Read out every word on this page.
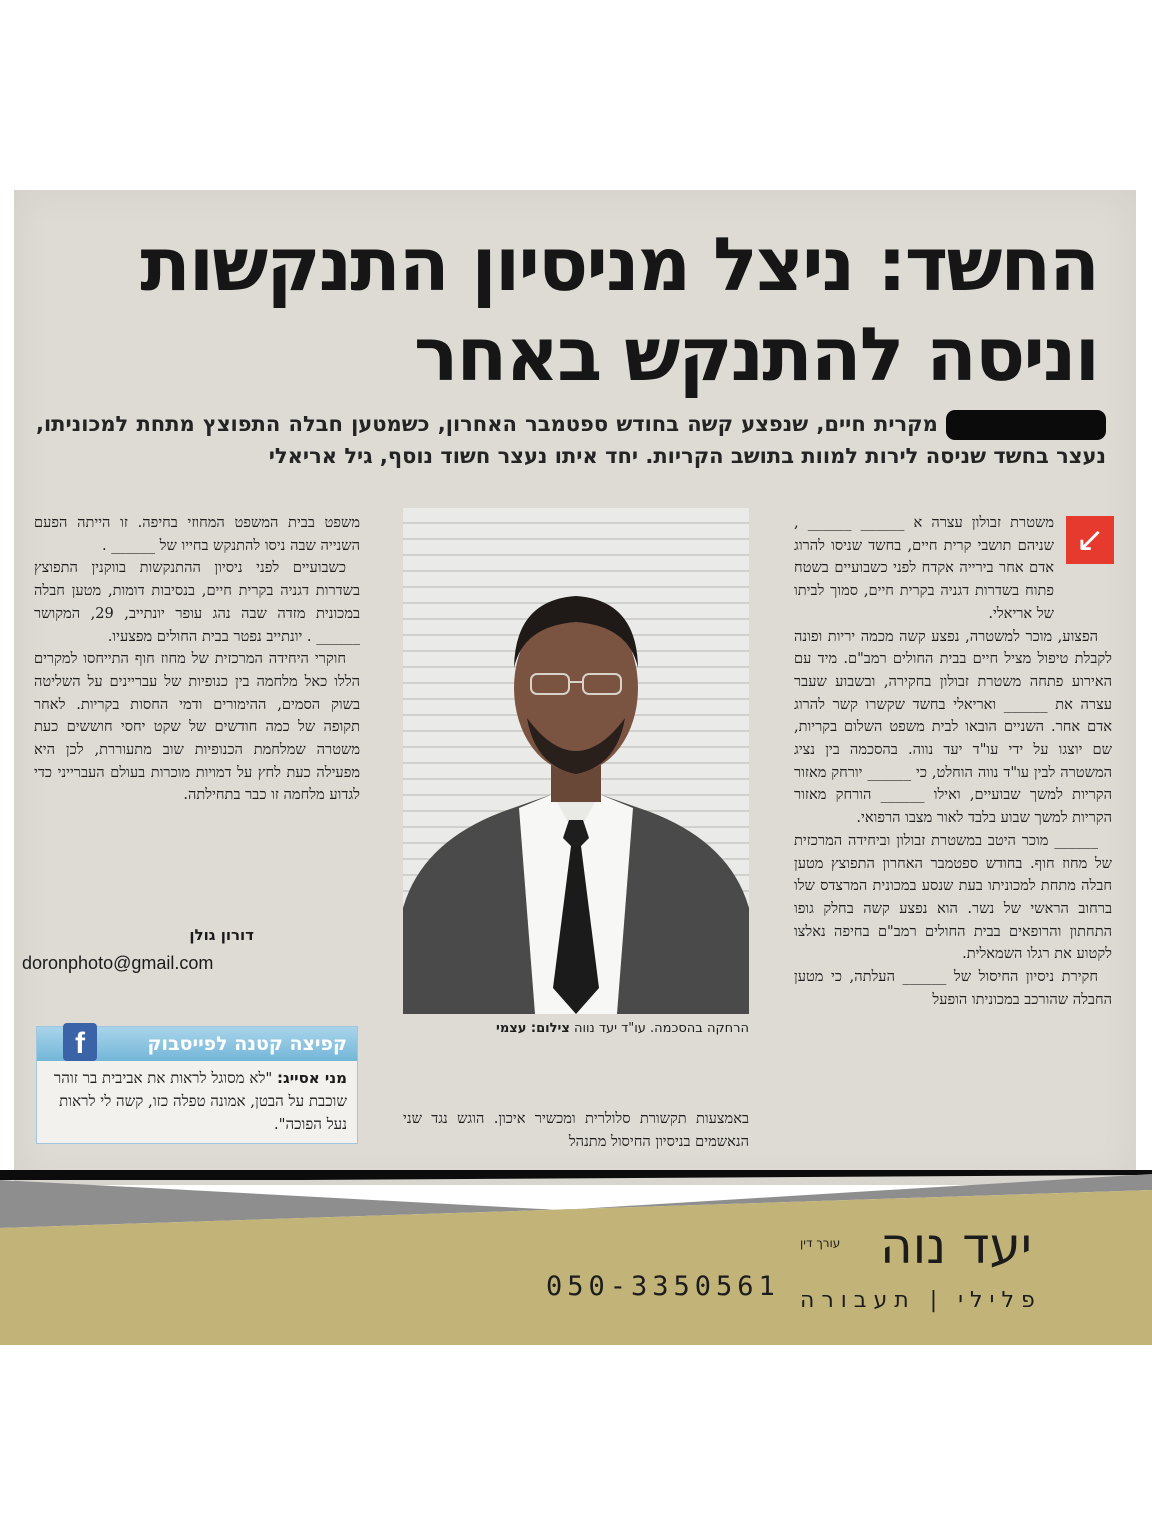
החשד: ניצל מניסיון התנקשות
וניסה להתנקש באחר

מקרית חיים, שנפצע קשה בחודש ספטמבר האחרון, כשמטען חבלה התפוצץ מתחת למכוניתו, נעצר בחשד שניסה לירות למוות בתושב הקריות. יחד איתו נעצר חשוד נוסף, גיל אריאלי

↙

משטרת זבולון עצרה א ______ ______ , שניהם תושבי קרית חיים, בחשד שניסו להרוג אדם אחר בירייה אקדח לפני כשבועיים בשטח פתוח בשדרות דגניה בקרית חיים, סמוך לביתו של אריאלי.

הפצוע, מוכר למשטרה, נפצע קשה מכמה יריות ופונה לקבלת טיפול מציל חיים בבית החולים רמב"ם. מיד עם האירוע פתחה משטרת זבולון בחקירה, ובשבוע שעבר עצרה את ______ ואריאלי בחשד שקשרו קשר להרוג אדם אחר. השניים הובאו לבית משפט השלום בקריות, שם יוצגו על ידי עו"ד יעד נווה. בהסכמה בין נציג המשטרה לבין עו"ד נווה הוחלט, כי ______ יורחק מאזור הקריות למשך שבועיים, ואילו ______ הורחק מאזור הקריות למשך שבוע בלבד לאור מצבו הרפואי.

______ מוכר היטב במשטרת זבולון וביחידה המרכזית של מחוז חוף. בחודש ספטמבר האחרון התפוצץ מטען חבלה מתחת למכוניתו בעת שנסע במכונית המרצדס שלו ברחוב הראשי של נשר. הוא נפצע קשה בחלק גופו התחתון והרופאים בבית החולים רמב"ם בחיפה נאלצו לקטוע את רגלו השמאלית.

חקירת ניסיון החיסול של ______ העלתה, כי מטען החבלה שהורכב במכוניתו הופעל

משפט בבית המשפט המחוזי בחיפה. זו הייתה הפעם השנייה שבה ניסו להתנקש בחייו של ______ .

כשבועיים לפני ניסיון ההתנקשות בווקנין התפוצץ בשדרות דגניה בקרית חיים, בנסיבות דומות, מטען חבלה במכונית מזדה שבה נהג עופר יונתייב, 29, המקושר ______ . יונתייב נפטר בבית החולים מפצעיו.

חוקרי היחידה המרכזית של מחוז חוף התייחסו למקרים הללו כאל מלחמה בין כנופיות של עבריינים על השליטה בשוק הסמים, ההימורים ודמי החסות בקריות. לאחר תקופה של כמה חודשים של שקט יחסי חוששים כעת משטרה שמלחמת הכנופיות שוב מתעוררת, לכן היא מפעילה כעת לחץ על דמויות מוכרות בעולם העברייני כדי לגדוע מלחמה זו כבר בתחילתה.

דורון גולן
doronphoto@gmail.com
הרחקה בהסכמה. עו"ד יעד נווה צילום: עצמי
באמצעות תקשורת סלולרית ומכשיר איכון. הוגש נגד שני הנאשמים בניסיון החיסול מתנהל
קפיצה קטנה לפייסבוק
f
מני אסייג: "לא מסוגל לראות את אביבית בר זוהר שוכבת על הבטן, אמונה טפלה כזו, קשה לי לראות נעל הפוכה".
050-3350561
יעד נוה
עורך דין
פלילי | תעבורה
